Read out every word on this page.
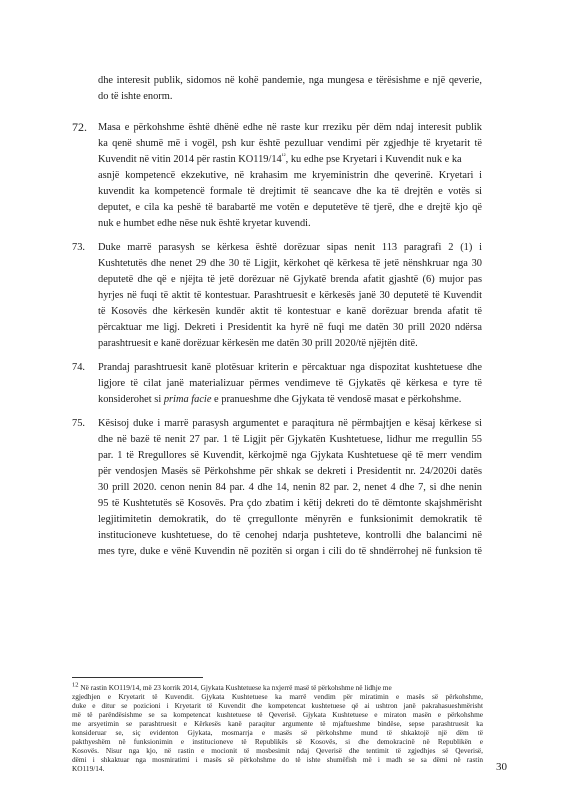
dhe interesit publik, sidomos në kohë pandemie, nga mungesa e tërësishme e një qeverie,
do të ishte enorm.
72. Masa e përkohshme është dhënë edhe në raste kur rreziku për dëm ndaj interesit publik
ka qenë shumë më i vogël, psh kur është pezulluar vendimi për zgjedhje të kryetarit të
Kuvendit në vitin 2014 për rastin $KO119/14^{^{12}}$, ku edhe pse Kryetari i Kuvendit nuk e ka
asnjë kompetencë ekzekutive, në krahasim me kryeministrin dhe qeverinë. Kryetari i
kuvendit ka kompetencë formale të drejtimit të seancave dhe ka të drejtën e votës si
deputet, e cila ka peshë të barabartë me votën e deputetëve të tjerë, dhe e drejtë kjo që
nuk e humbet edhe nëse nuk është kryetar kuvendi.
73. Duke marrë parasysh se kërkesa është dorëzuar sipas nenit 113 paragrafi 2 (1) i
Kushtetutës dhe nenet 29 dhe 30 të Ligjit, kërkohet që kërkesa të jetë nënshkruar nga 30
deputetë dhe që e njëjta të jetë dorëzuar në Gjykatë brenda afatit gjashtë (6) mujor pas
hyrjes në fuqi të aktit të kontestuar. Parashtruesit e kërkesës janë 30 deputetë të Kuvendit
të Kosovës dhe kërkesën kundër aktit të kontestuar e kanë dorëzuar brenda afatit të
përcaktuar me ligj. Dekreti i Presidentit ka hyrë në fuqi me datën 30 prill 2020 ndërsa
parashtruesit e kanë dorëzuar kërkesën me datën 30 prill 2020/të njëjtën ditë.
74. Prandaj parashtruesit kanë plotësuar kriterin e përcaktuar nga dispozitat kushtetuese dhe
ligjore të cilat janë materializuar përmes vendimeve të Gjykatës që kërkesa e tyre të
konsiderohet si prima facie e pranueshme dhe Gjykata të vendosë masat e përkohshme.
75. Kësisoj duke i marrë parasysh argumentet e paraqitura në përmbajtjen e kësaj kërkese si
dhe në bazë të nenit 27 par. 1 të Ligjit për Gjykatën Kushtetuese, lidhur me rregullin 55
par. 1 të Rregullores së Kuvendit, kërkojmë nga Gjykata Kushtetuese që të merr vendim
për vendosjen Masës së Përkohshme për shkak se dekreti i Presidentit nr. 24/2020i datës
30 prill 2020. cenon nenin 84 par. 4 dhe 14, nenin 82 par. 2, nenet 4 dhe 7, si dhe nenin
95 të Kushtetutës së Kosovës. Pra çdo zbatim i këtij dekreti do të dëmtonte skajshmërisht
legjitimitetin demokratik, do të çrregullonte mënyrën e funksionimit demokratik të
institucioneve kushtetuese, do të cenohej ndarja pushteteve, kontrolli dhe balancimi në
mes tyre, duke e vënë Kuvendin në pozitën si organ i cili do të shndërrohej në funksion të
$^{12}$ Në rastin KO119/14, më 23 korrik 2014, Gjykata Kushtetuese ka nxjerrë masë të përkohshme në lidhje me
zgjedhjen e Kryetarit të Kuvendit. Gjykata Kushtetuese ka marrë vendim për miratimin e masës së përkohshme,
duke e ditur se pozicioni i Kryetarit të Kuvendit dhe kompetencat kushtetuese që ai ushtron janë pakrahasueshmërisht
më të parëndësishme se sa kompetencat kushtetuese të Qeverisë. Gjykata Kushtetuese e miraton masën e përkohshme
me arsyetimin se parashtruesit e Kërkesës kanë paraqitur argumente të mjaftueshme bindëse, sepse parashtruesit ka
konsideruar se, siç evidenton Gjykata, mosmarrja e masës së përkohshme mund të shkaktojë një dëm të
pakthyeshëm në funksionimin e institucioneve të Republikës së Kosovës, si dhe demokracinë në Republikën e
Kosovës. Nisur nga kjo, në rastin e mocionit të mosbesimit ndaj Qeverisë dhe tentimit të zgjedhjes së Qeverisë,
dëmi i shkaktuar nga mosmiratimi i masës së përkohshme do të ishte shumëfish më i madh se sa dëmi në rastin
KO119/14.	30
